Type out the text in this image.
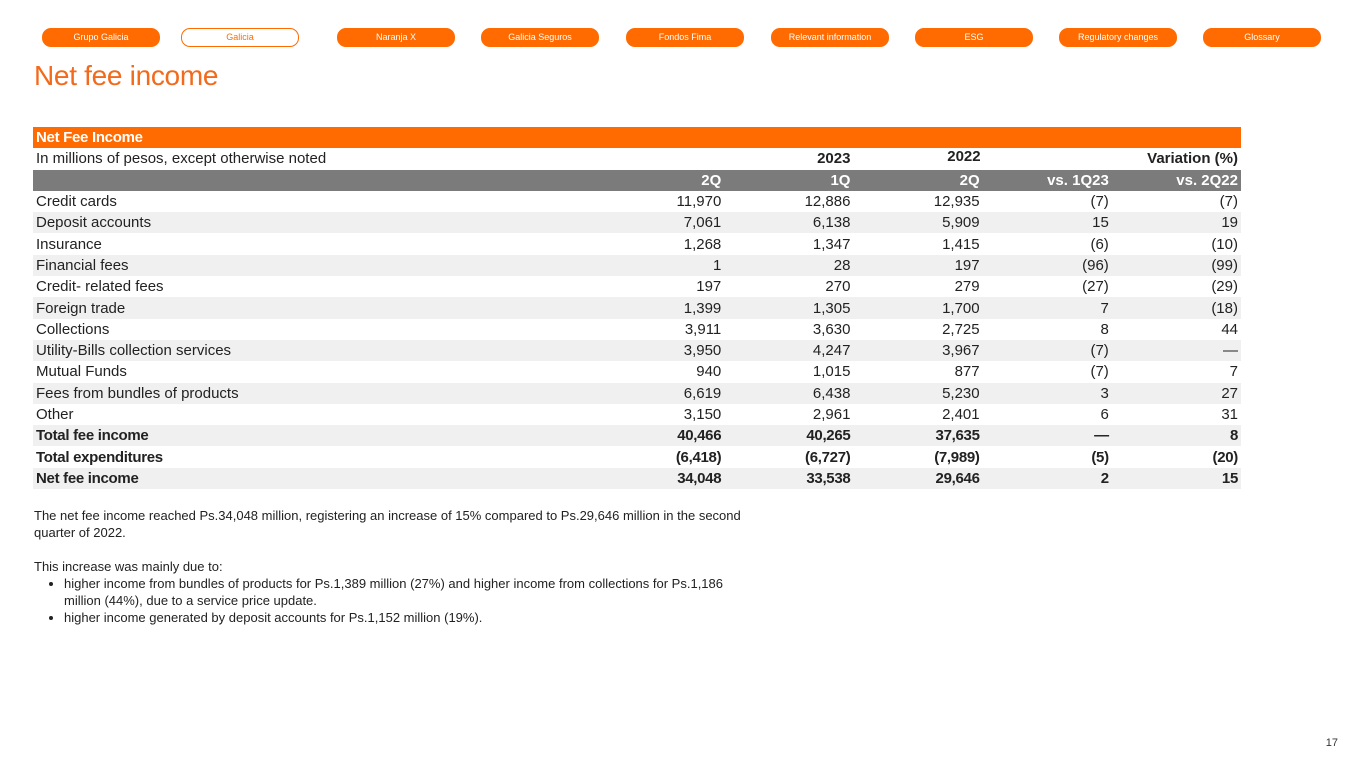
Grupo Galicia	Galicia	Naranja X	Galicia Seguros	Fondos Fima	Relevant information	ESG	Regulatory changes	Glossary
Net fee income
Net Fee Income					
In millions of pesos, except otherwise noted	2023		2022	Variation (%)	
	2Q	1Q	2Q	vs. 1Q23	vs. 2Q22
Credit cards	11,970	12,886	12,935	(7)	(7)
Deposit accounts	7,061	6,138	5,909	15	19
Insurance	1,268	1,347	1,415	(6)	(10)
Financial fees	1	28	197	(96)	(99)
Credit- related fees	197	270	279	(27)	(29)
Foreign trade	1,399	1,305	1,700	7	(18)
Collections	3,911	3,630	2,725	8	44
Utility-Bills collection services	3,950	4,247	3,967	(7)	—
Mutual Funds	940	1,015	877	(7)	7
Fees from bundles of products	6,619	6,438	5,230	3	27
Other	3,150	2,961	2,401	6	31
Total fee income	40,466	40,265	37,635	—	8
Total expenditures	(6,418)	(6,727)	(7,989)	(5)	(20)
Net fee income	34,048	33,538	29,646	2	15

The net fee income reached Ps.34,048 million, registering an increase of 15% compared to Ps.29,646 million in the second quarter of 2022.

This increase was mainly due to:

• higher income from bundles of products for Ps.1,389 million (27%) and higher income from collections for Ps.1,186 million (44%), due to a service price update.
• higher income generated by deposit accounts for Ps.1,152 million (19%).
17
